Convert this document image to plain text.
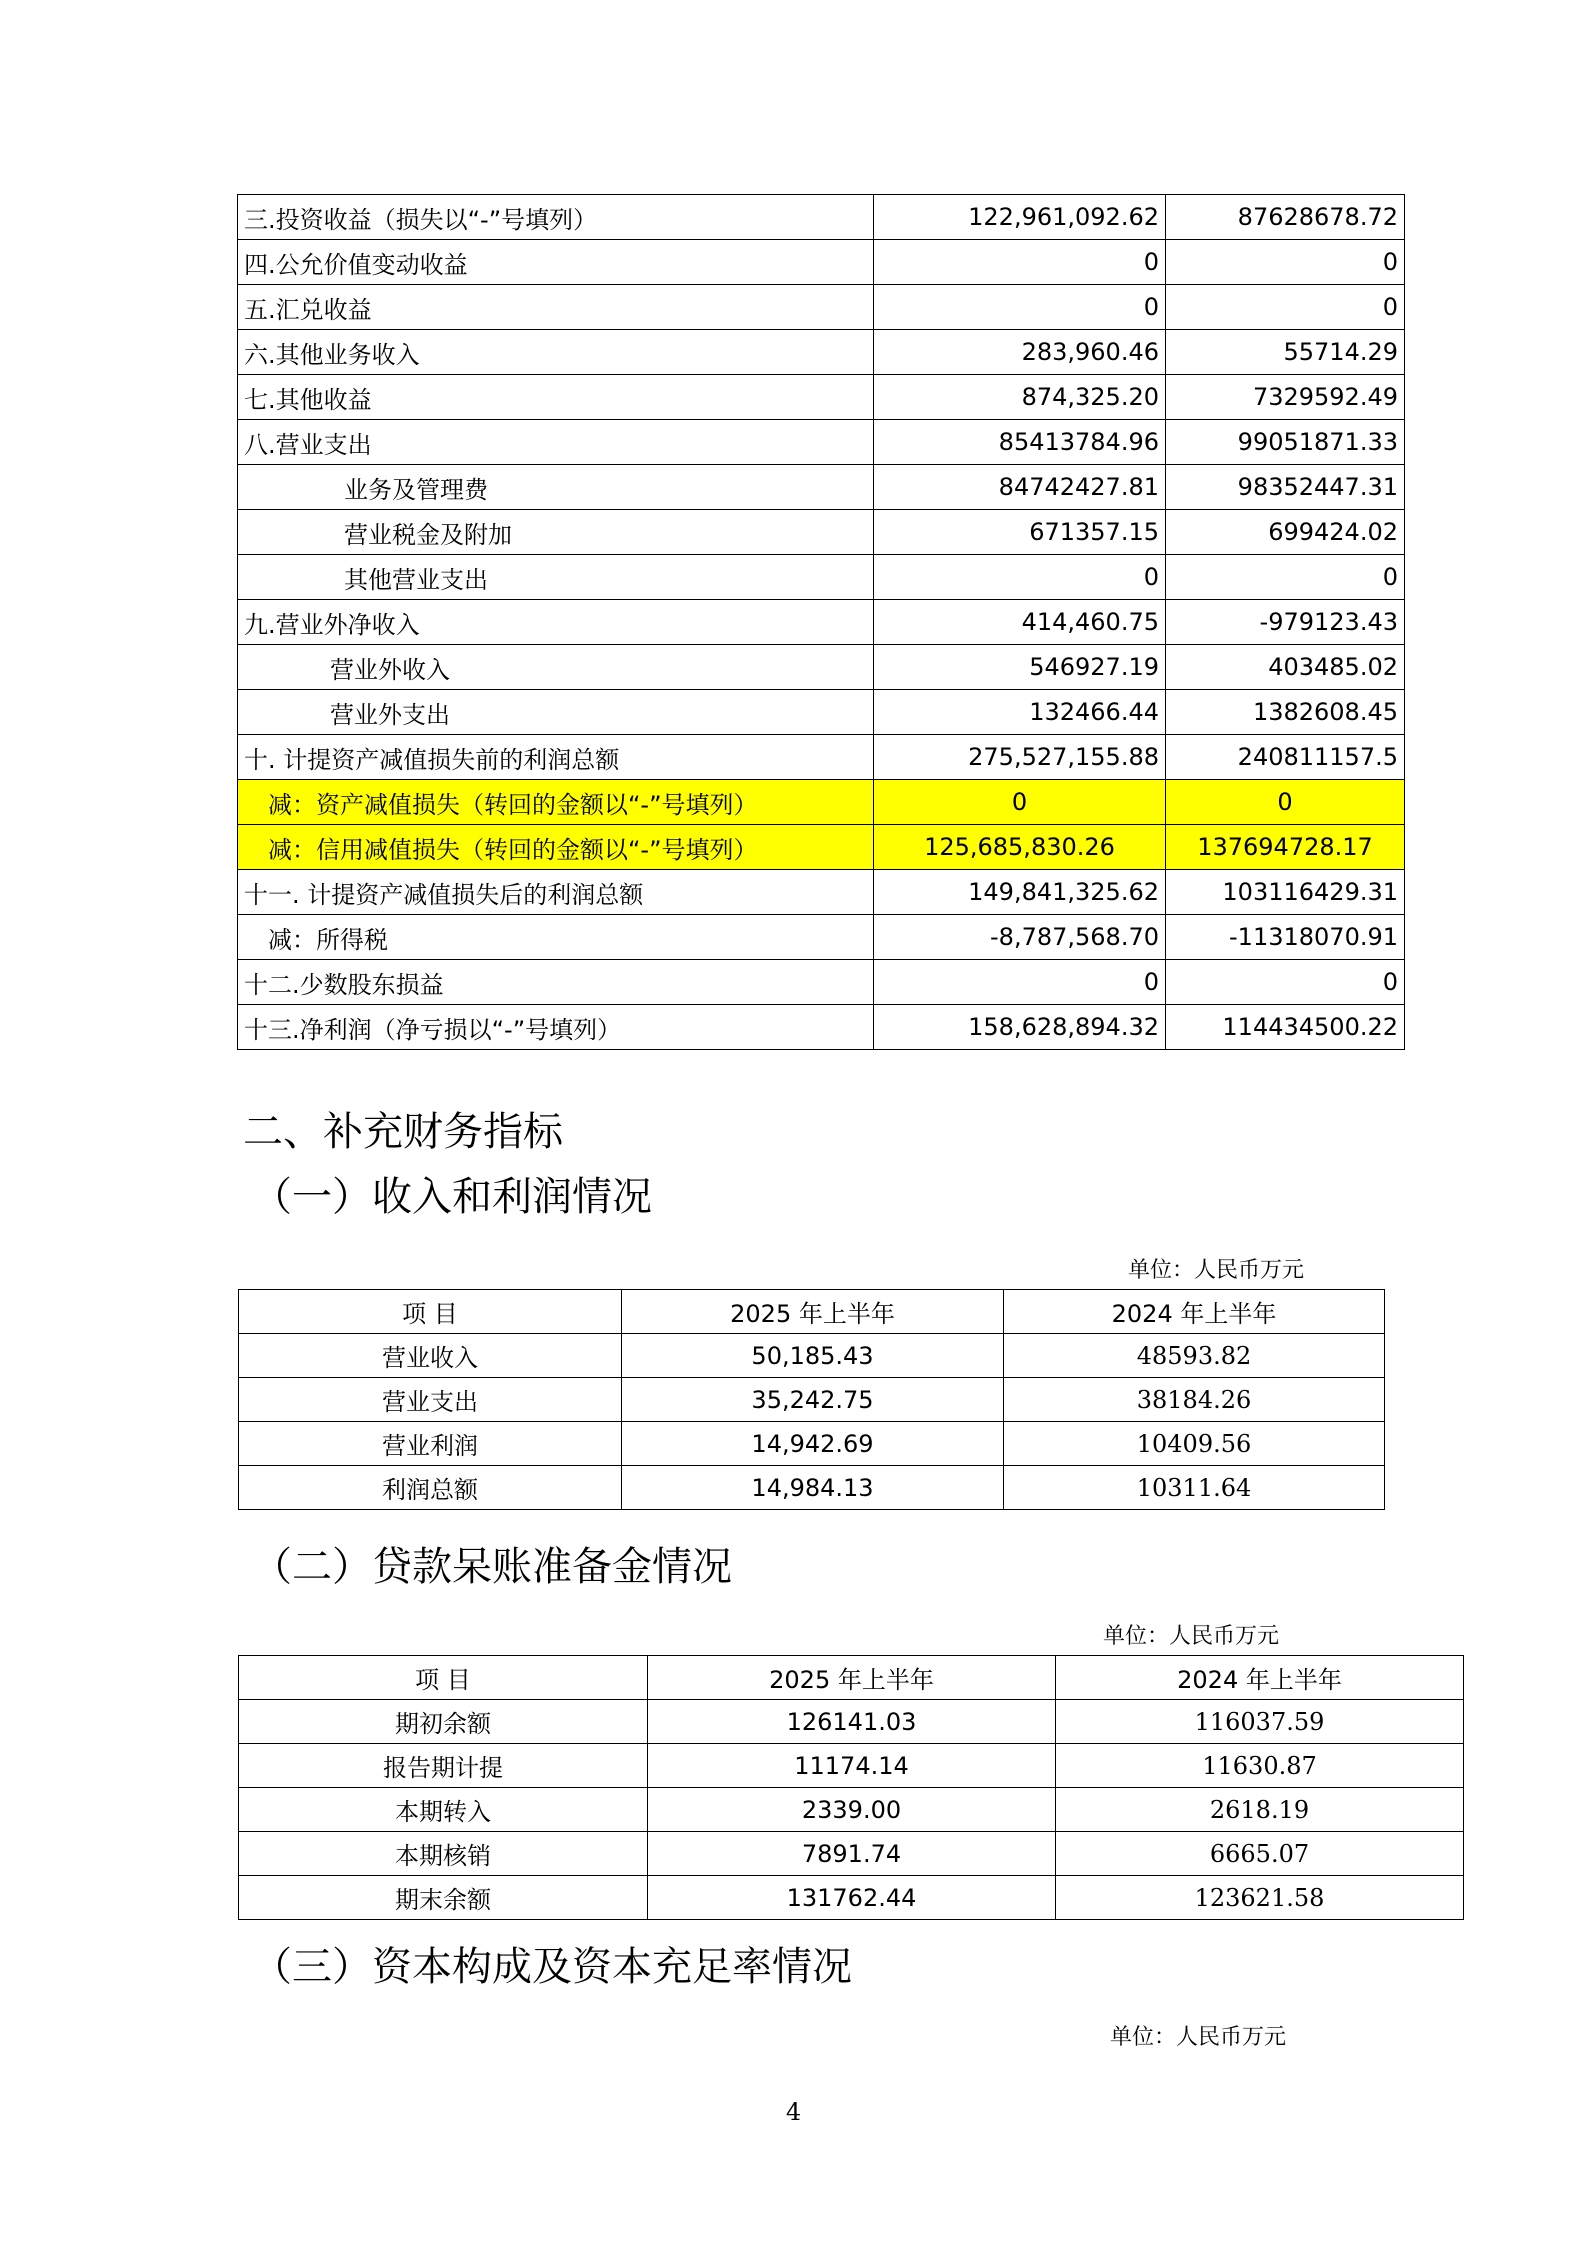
三.投资收益（损失以“-”号填列）	122,961,092.62	87628678.72
四.公允价值变动收益	0	0
五.汇兑收益	0	0
六.其他业务收入	283,960.46	55714.29
七.其他收益	874,325.20	7329592.49
八.营业支出	85413784.96	99051871.33
业务及管理费	84742427.81	98352447.31
营业税金及附加	671357.15	699424.02
其他营业支出	0	0
九.营业外净收入	414,460.75	-979123.43
营业外收入	546927.19	403485.02
营业外支出	132466.44	1382608.45
十. 计提资产减值损失前的利润总额	275,527,155.88	240811157.5
减：资产减值损失（转回的金额以“-”号填列）	0	0
减：信用减值损失（转回的金额以“-”号填列）	125,685,830.26	137694728.17
十一. 计提资产减值损失后的利润总额	149,841,325.62	103116429.31
减：所得税	-8,787,568.70	-11318070.91
十二.少数股东损益	0	0
十三.净利润（净亏损以“-”号填列）	158,628,894.32	114434500.22
二、补充财务指标
（一）收入和利润情况
单位：人民币万元
项 目	2025 年上半年	2024 年上半年
营业收入	50,185.43	48593.82
营业支出	35,242.75	38184.26
营业利润	14,942.69	10409.56
利润总额	14,984.13	10311.64
（二）贷款呆账准备金情况
单位：人民币万元
项 目	2025 年上半年	2024 年上半年
期初余额	126141.03	116037.59
报告期计提	11174.14	11630.87
本期转入	2339.00	2618.19
本期核销	7891.74	6665.07
期末余额	131762.44	123621.58
（三）资本构成及资本充足率情况
单位：人民币万元
4
